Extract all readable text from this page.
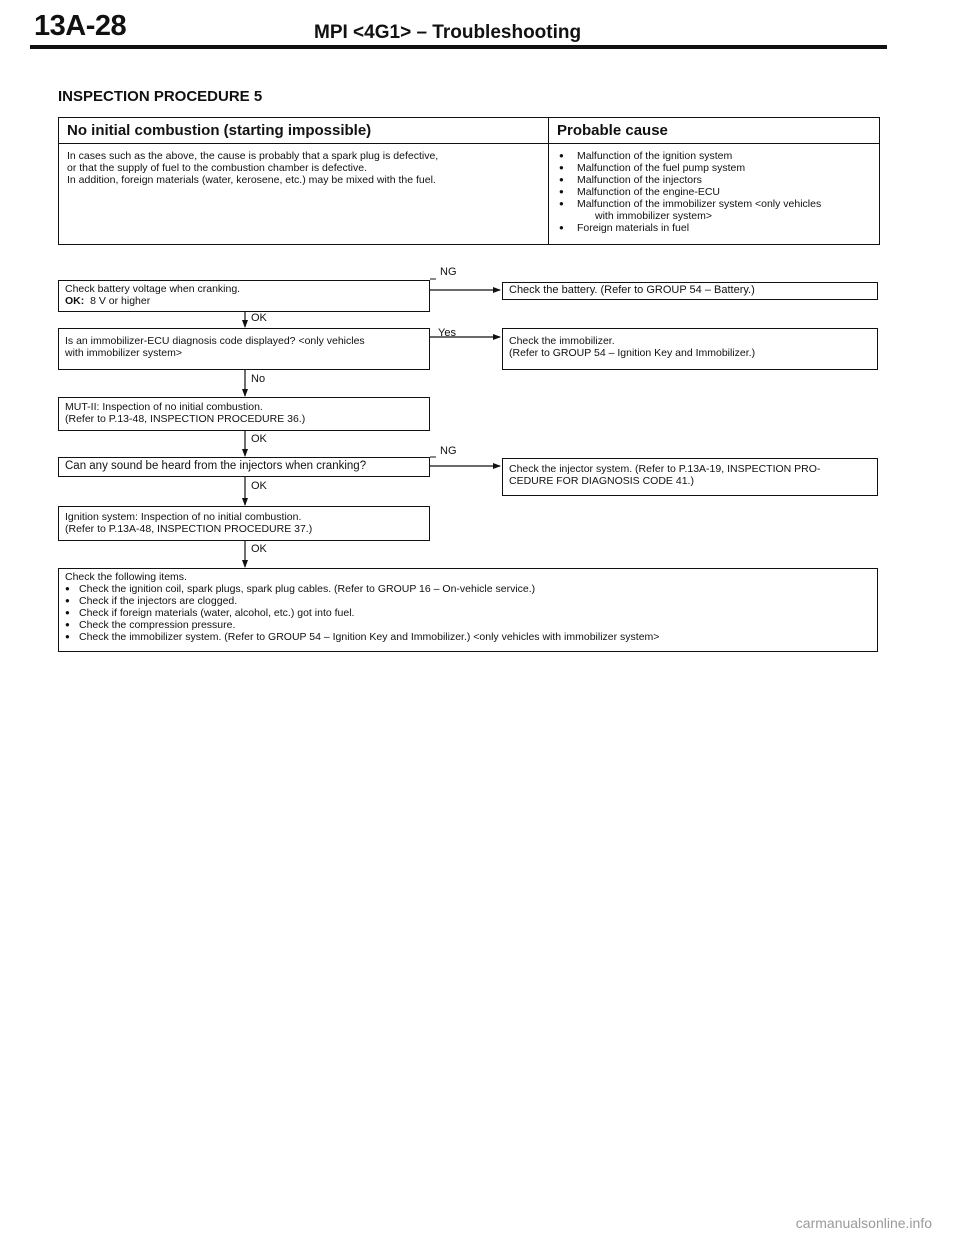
13A-28	MPI <4G1> – Troubleshooting
INSPECTION PROCEDURE 5
No initial combustion (starting impossible)
In cases such as the above, the cause is probably that a spark plug is defective,
or that the supply of fuel to the combustion chamber is defective.
In addition, foreign materials (water, kerosene, etc.) may be mixed with the fuel.
Probable cause
● Malfunction of the ignition system
● Malfunction of the fuel pump system
● Malfunction of the injectors
● Malfunction of the engine-ECU
● Malfunction of the immobilizer system <only vehicles
with immobilizer system>
● Foreign materials in fuel
Check battery voltage when cranking.
OK: 8 V or higher
NG
Check the battery. (Refer to GROUP 54 – Battery.)
OK
Is an immobilizer-ECU diagnosis code displayed? <only vehicles
with immobilizer system>
Yes
Check the immobilizer.
(Refer to GROUP 54 – Ignition Key and Immobilizer.)
No
MUT-II: Inspection of no initial combustion.
(Refer to P.13-48, INSPECTION PROCEDURE 36.)
OK
Can any sound be heard from the injectors when cranking?
NG
Check the injector system. (Refer to P.13A-19, INSPECTION PRO-
CEDURE FOR DIAGNOSIS CODE 41.)
OK
Ignition system: Inspection of no initial combustion.
(Refer to P.13A-48, INSPECTION PROCEDURE 37.)
OK
Check the following items.
● Check the ignition coil, spark plugs, spark plug cables. (Refer to GROUP 16 – On-vehicle service.)
● Check if the injectors are clogged.
● Check if foreign materials (water, alcohol, etc.) got into fuel.
● Check the compression pressure.
● Check the immobilizer system. (Refer to GROUP 54 – Ignition Key and Immobilizer.) <only vehicles with immobilizer system>
carmanualsonline.info
